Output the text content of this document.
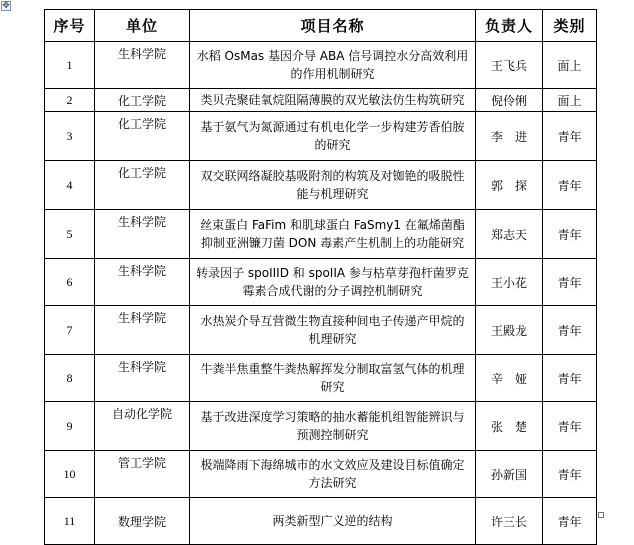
✥
序号	单位	项目名称	负责人	类别
1	生科学院	水稻 OsMas 基因介导 ABA 信号调控水分高效利用的作用机制研究	王飞兵	面上
2	化工学院	类贝壳聚硅氧烷阻隔薄膜的双光敏法仿生构筑研究	倪伶俐	面上
3	化工学院	基于氨气为氮源通过有机电化学一步构建芳香伯胺的研究	李　进	青年
4	化工学院	双交联网络凝胶基吸附剂的构筑及对铷铯的吸脱性能与机理研究	郭　探	青年
5	生科学院	丝束蛋白 FaFim 和肌球蛋白 FaSmy1 在氟烯菌酯抑制亚洲镰刀菌 DON 毒素产生机制上的功能研究	郑志天	青年
6	生科学院	转录因子 spoIIID 和 spoIIA 参与枯草芽孢杆菌罗克霉素合成代谢的分子调控机制研究	王小花	青年
7	生科学院	水热炭介导互营微生物直接种间电子传递产甲烷的机理研究	王殿龙	青年
8	生科学院	牛粪半焦重整牛粪热解挥发分制取富氢气体的机理研究	辛　娅	青年
9	自动化学院	基于改进深度学习策略的抽水蓄能机组智能辨识与预测控制研究	张　楚	青年
10	管工学院	极端降雨下海绵城市的水文效应及建设目标值确定方法研究	孙新国	青年
11	数理学院	两类新型广义逆的结构	许三长	青年
